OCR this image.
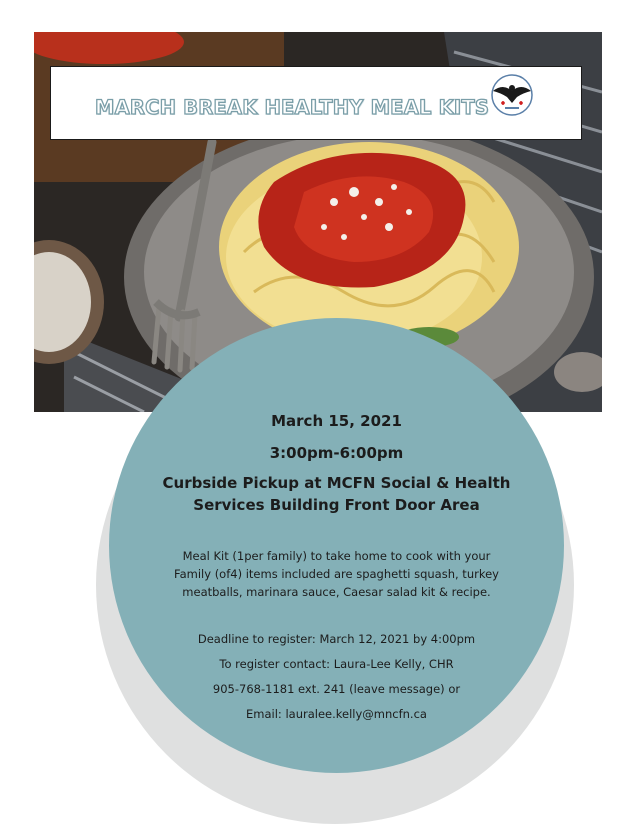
MARCH BREAK HEALTHY MEAL KITS
March 15, 2021
3:00pm-6:00pm
Curbside Pickup at MCFN Social & Health
Services Building Front Door Area
Meal Kit (1per family) to take home to cook with your
Family (of4) items included are spaghetti squash, turkey
meatballs, marinara sauce, Caesar salad kit & recipe.
Deadline to register: March 12, 2021 by 4:00pm
To register contact: Laura-Lee Kelly, CHR
905-768-1181 ext. 241 (leave message) or
Email: lauralee.kelly@mncfn.ca
